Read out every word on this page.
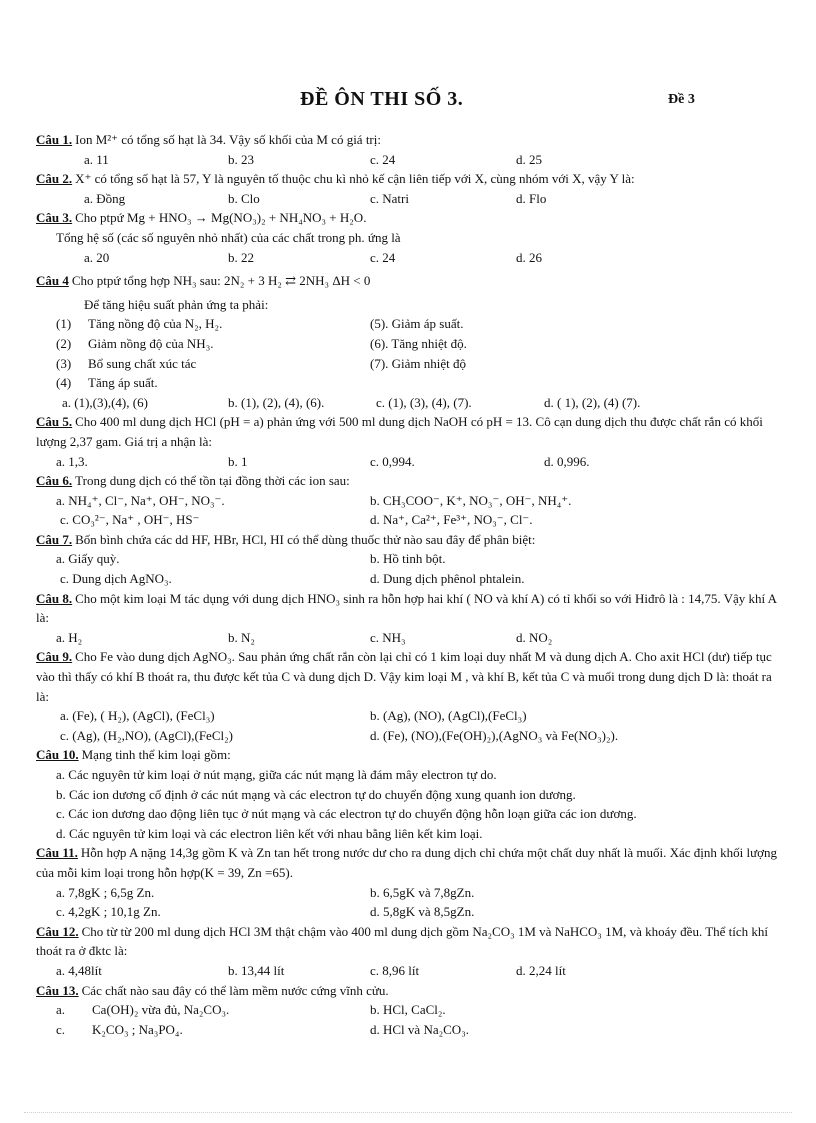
ĐỀ ÔN THI SỐ 3.	Đề 3
Câu 1. Ion M²⁺ có tổng số hạt là 34. Vậy số khối của M có giá trị:
a. 11	b. 23	c. 24	d. 25
Câu 2. X⁺ có tổng số hạt là 57, Y là nguyên tố thuộc chu kì nhỏ kế cận liên tiếp với X, cùng nhóm với X, vậy Y là:
a. Đồng	b. Clo	c. Natri	d. Flo
Câu 3. Cho ptpứ Mg + HNO₃ → Mg(NO₃)₂ + NH₄NO₃ + H₂O.
Tổng hệ số (các số nguyên nhỏ nhất) của các chất trong ph. ứng là
a. 20	b. 22	c. 24	d. 26
Câu 4 Cho ptpứ tổng hợp NH₃ sau: 2N₂ + 3 H₂ ⇄ 2NH₃ ΔH < 0
Để tăng hiệu suất phản ứng ta phải:
(1) Tăng nồng độ của N₂, H₂.	(5). Giảm áp suất.
(2) Giảm nồng độ của NH₃.	(6). Tăng nhiệt độ.
(3) Bổ sung chất xúc tác	(7). Giảm nhiệt độ
(4) Tăng áp suất.
a. (1),(3),(4), (6)	b. (1), (2), (4), (6).	c. (1), (3), (4), (7).	d. ( 1), (2), (4) (7).
Câu 5. Cho 400 ml dung dịch HCl (pH = a) phản ứng với 500 ml dung dịch NaOH có pH = 13. Cô cạn dung dịch thu được chất rắn có khối lượng 2,37 gam. Giá trị a nhận là:
a. 1,3.	b. 1	c. 0,994.	d. 0,996.
Câu 6. Trong dung dịch có thể tồn tại đồng thời các ion sau:
a. NH₄⁺, Cl⁻, Na⁺, OH⁻, NO₃⁻.	b. CH₃COO⁻, K⁺, NO₃⁻, OH⁻, NH₄⁺.
c. CO₃²⁻, Na⁺ , OH⁻, HS⁻	d. Na⁺, Ca²⁺, Fe³⁺, NO₃⁻, Cl⁻.
Câu 7. Bốn bình chứa các dd HF, HBr, HCl, HI có thể dùng thuốc thử nào sau đây để phân biệt:
a. Giấy quỳ.	b. Hồ tinh bột.
c. Dung dịch AgNO₃.	d. Dung dịch phênol phtalein.
Câu 8. Cho một kim loại M tác dụng với dung dịch HNO₃ sinh ra hỗn hợp hai khí ( NO và khí A) có tỉ khối so với Hiđrô là : 14,75. Vậy khí A là:
a. H₂	b. N₂	c. NH₃	d. NO₂
Câu 9. Cho Fe vào dung dịch AgNO₃. Sau phản ứng chất rắn còn lại chỉ có 1 kim loại duy nhất M và dung dịch A. Cho axit HCl (dư) tiếp tục vào thì thấy có khí B thoát ra, thu được kết tủa C và dung dịch D. Vậy kim loại M , và khí B, kết tủa C và muối trong dung dịch D là: thoát ra là:
a. (Fe), ( H₂), (AgCl), (FeCl₃)	b. (Ag), (NO), (AgCl),(FeCl₃)
c. (Ag), (H₂,NO), (AgCl),(FeCl₂)	d. (Fe), (NO),(Fe(OH)₂),(AgNO₃ và Fe(NO₃)₂).
Câu 10. Mạng tinh thể kim loại gồm:
a. Các nguyên tử kim loại ở nút mạng, giữa các nút mạng là đám mây electron tự do.
b. Các ion dương cố định ở các nút mạng và các electron tự do chuyển động xung quanh ion dương.
c. Các ion dương dao động liên tục ở nút mạng và các electron tự do chuyển động hỗn loạn giữa các ion dương.
d. Các nguyên tử kim loại và các electron liên kết với nhau bằng liên kết kim loại.
Câu 11. Hỗn hợp A nặng 14,3g gồm K và Zn tan hết trong nước dư cho ra dung dịch chỉ chứa một chất duy nhất là muối. Xác định khối lượng của mỗi kim loại trong hỗn hợp(K = 39, Zn =65).
a. 7,8gK ; 6,5g Zn.	b. 6,5gK và 7,8gZn.
c. 4,2gK ; 10,1g Zn.	d. 5,8gK và 8,5gZn.
Câu 12. Cho từ từ 200 ml dung dịch HCl 3M thật chậm vào 400 ml dung dịch gồm Na₂CO₃ 1M và NaHCO₃ 1M, và khoáy đều. Thể tích khí thoát ra ở đktc là:
a. 4,48lít	b. 13,44 lít	c. 8,96 lít	d. 2,24 lít
Câu 13. Các chất nào sau đây có thể làm mềm nước cứng vĩnh cửu.
a. Ca(OH)₂ vừa đủ, Na₂CO₃.	b. HCl, CaCl₂.
c. K₂CO₃ ; Na₃PO₄.	d. HCl và Na₂CO₃.
